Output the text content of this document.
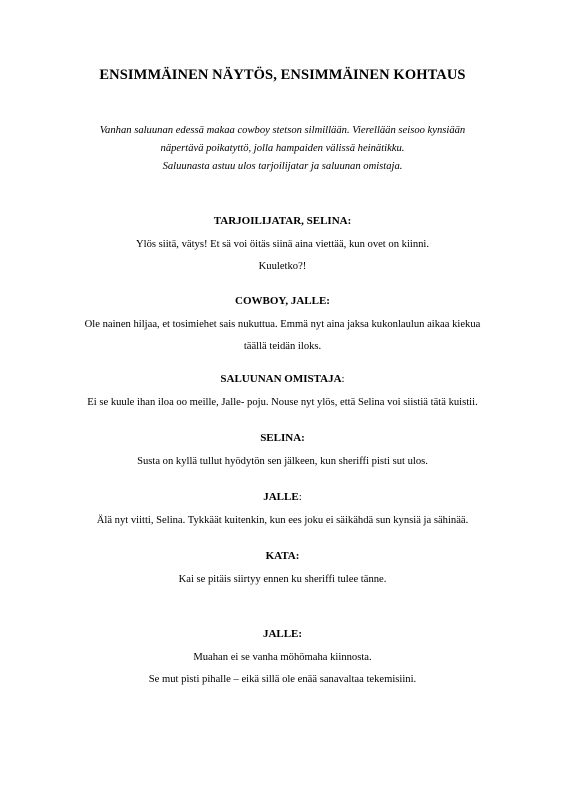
ENSIMMÄINEN NÄYTÖS, ENSIMMÄINEN KOHTAUS
Vanhan saluunan edessä makaa cowboy stetson silmillään. Vierellään seisoo kynsiään
näpertävä poikatyttö, jolla hampaiden välissä heinätikku.
Saluunasta astuu ulos tarjoilijatar ja saluunan omistaja.
TARJOILIJATAR, SELINA:
Ylös siitä, vätys! Et sä voi öitäs siinä aina viettää, kun ovet on kiinni.
Kuuletko?!
COWBOY, JALLE:
Ole nainen hiljaa, et tosimiehet sais nukuttua. Emmä nyt aina jaksa kukonlaulun aikaa kiekua
täällä teidän iloks.
SALUUNAN OMISTAJA:
Ei se kuule ihan iloa oo meille, Jalle- poju. Nouse nyt ylös, että Selina voi siistiä tätä kuistii.
SELINA:
Susta on kyllä tullut hyödytön sen jälkeen, kun sheriffi pisti sut ulos.
JALLE:
Älä nyt viitti, Selina. Tykkäät kuitenkin, kun ees joku ei säikähdä sun kynsiä ja sähinää.
KATA:
Kai se pitäis siirtyy ennen ku sheriffi tulee tänne.
JALLE:
Muahan ei se vanha möhömaha kiinnosta.
Se mut pisti pihalle – eikä sillä ole enää sanavaltaa tekemisiini.
